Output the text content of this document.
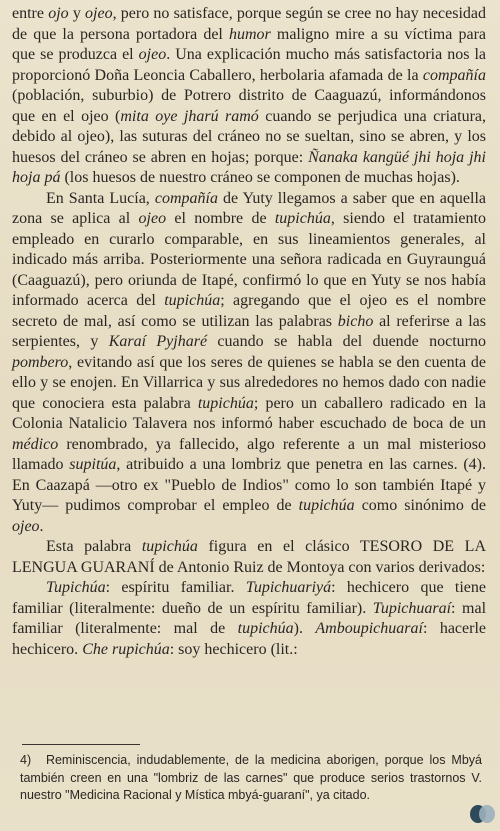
entre ojo y ojeo, pero no satisface, porque según se cree no hay necesidad de que la persona portadora del humor maligno mire a su víctima para que se produzca el ojeo. Una explicación mucho más satisfactoria nos la proporcionó Doña Leoncia Caballero, herbolaria afamada de la compañía (población, suburbio) de Potrero distrito de Caaguazú, informándonos que en el ojeo (mita oye jharú ramó cuando se perjudica una criatura, debido al ojeo), las suturas del cráneo no se sueltan, sino se abren, y los huesos del cráneo se abren en hojas; porque: Ñanaka kangüé jhi hoja jhi hoja pá (los huesos de nuestro cráneo se componen de muchas hojas).

En Santa Lucía, compañía de Yuty llegamos a saber que en aquella zona se aplica al ojeo el nombre de tupichúa, siendo el tratamiento empleado en curarlo comparable, en sus lineamientos generales, al indicado más arriba. Posteriormente una señora radicada en Guyraunguá (Caaguazú), pero oriunda de Itapé, confirmó lo que en Yuty se nos había informado acerca del tupichúa; agregando que el ojeo es el nombre secreto de mal, así como se utilizan las palabras bicho al referirse a las serpientes, y Karaí Pyjharé cuando se habla del duende nocturno pombero, evitando así que los seres de quienes se habla se den cuenta de ello y se enojen. En Villarrica y sus alrededores no hemos dado con nadie que conociera esta palabra tupichúa; pero un caballero radicado en la Colonia Natalicio Talavera nos informó haber escuchado de boca de un médico renombrado, ya fallecido, algo referente a un mal misterioso llamado supitúa, atribuido a una lombriz que penetra en las carnes. (4). En Caazapá —otro ex "Pueblo de Indios" como lo son también Itapé y Yuty— pudimos comprobar el empleo de tupichúa como sinónimo de ojeo.

Esta palabra tupichúa figura en el clásico TESORO DE LA LENGUA GUARANÍ de Antonio Ruiz de Montoya con varios derivados:

Tupichúa: espíritu familiar. Tupichuariyá: hechicero que tiene familiar (literalmente: dueño de un espíritu familiar). Tupichuaraí: mal familiar (literalmente: mal de tupichúa). Amboupichuaraí: hacerle hechicero. Che rupichúa: soy hechicero (lit.:

4) Reminiscencia, indudablemente, de la medicina aborigen, porque los Mbyá también creen en una "lombriz de las carnes" que produce serios trastornos V. nuestro "Medicina Racional y Mística mbyá-guaraní", ya citado.
